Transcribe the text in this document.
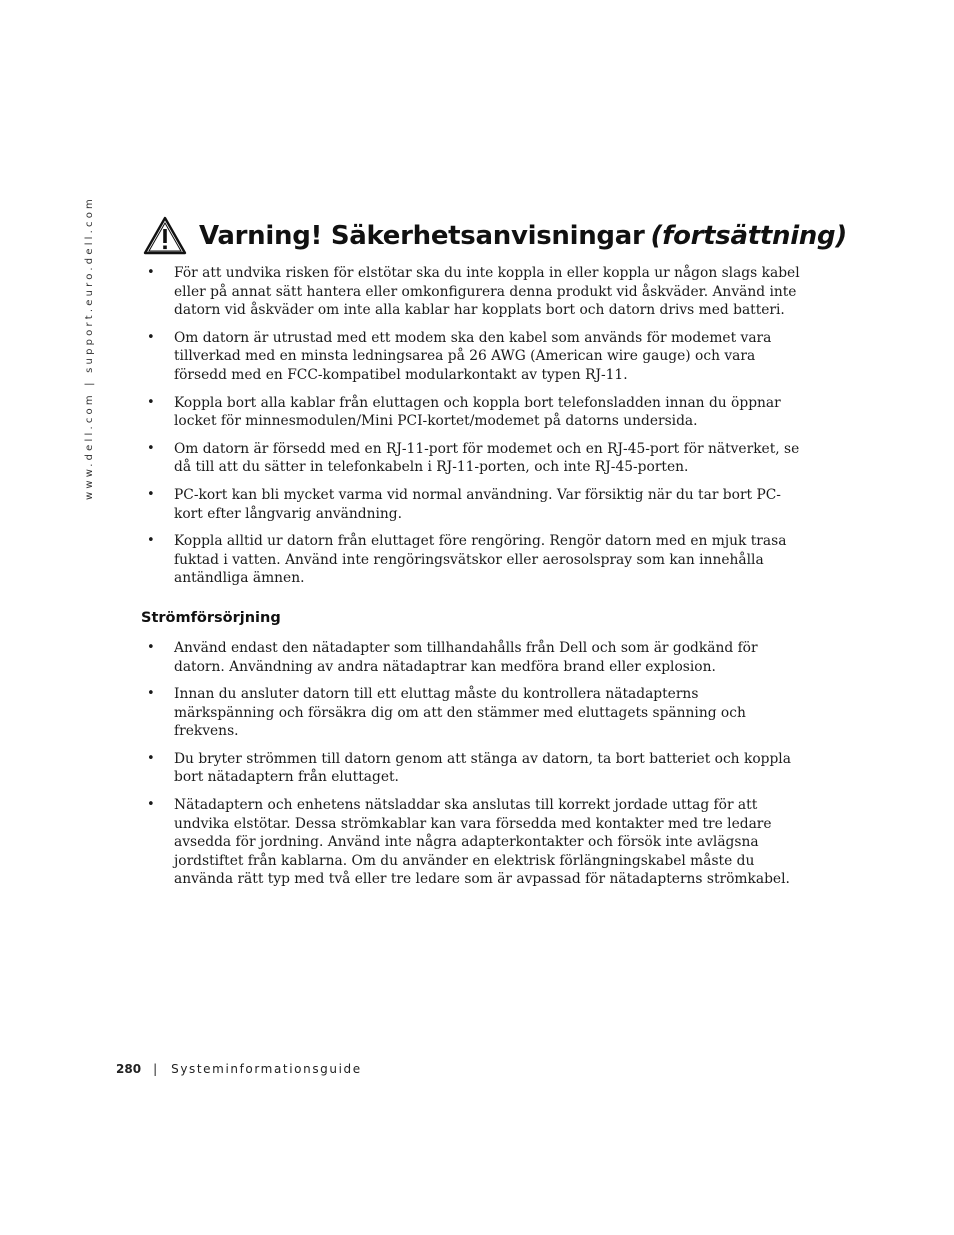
www.dell.com | support.euro.dell.com	Varning! Säkerhetsanvisningar (fortsättning)
• För att undvika risken för elstötar ska du inte koppla in eller koppla ur någon slags kabel eller på annat sätt hantera eller omkonfigurera denna produkt vid åskväder. Använd inte datorn vid åskväder om inte alla kablar har kopplats bort och datorn drivs med batteri.
• Om datorn är utrustad med ett modem ska den kabel som används för modemet vara tillverkad med en minsta ledningsarea på 26 AWG (American wire gauge) och vara försedd med en FCC-kompatibel modularkontakt av typen RJ-11.
• Koppla bort alla kablar från eluttagen och koppla bort telefonsladden innan du öppnar locket för minnesmodulen/Mini PCI-kortet/modemet på datorns undersida.
• Om datorn är försedd med en RJ-11-port för modemet och en RJ-45-port för nätverket, se då till att du sätter in telefonkabeln i RJ-11-porten, och inte RJ-45-porten.
• PC-kort kan bli mycket varma vid normal användning. Var försiktig när du tar bort PC-kort efter långvarig användning.
• Koppla alltid ur datorn från eluttaget före rengöring. Rengör datorn med en mjuk trasa fuktad i vatten. Använd inte rengöringsvätskor eller aerosolspray som kan innehålla antändliga ämnen.
Strömförsörjning
• Använd endast den nätadapter som tillhandahålls från Dell och som är godkänd för datorn. Användning av andra nätadaptrar kan medföra brand eller explosion.
• Innan du ansluter datorn till ett eluttag måste du kontrollera nätadapterns märkspänning och försäkra dig om att den stämmer med eluttagets spänning och frekvens.
• Du bryter strömmen till datorn genom att stänga av datorn, ta bort batteriet och koppla bort nätadaptern från eluttaget.
• Nätadaptern och enhetens nätsladdar ska anslutas till korrekt jordade uttag för att undvika elstötar. Dessa strömkablar kan vara försedda med kontakter med tre ledare avsedda för jordning. Använd inte några adapterkontakter och försök inte avlägsna jordstiftet från kablarna. Om du använder en elektrisk förlängningskabel måste du använda rätt typ med två eller tre ledare som är avpassad för nätadapterns strömkabel.
280 | Systeminformationsguide
